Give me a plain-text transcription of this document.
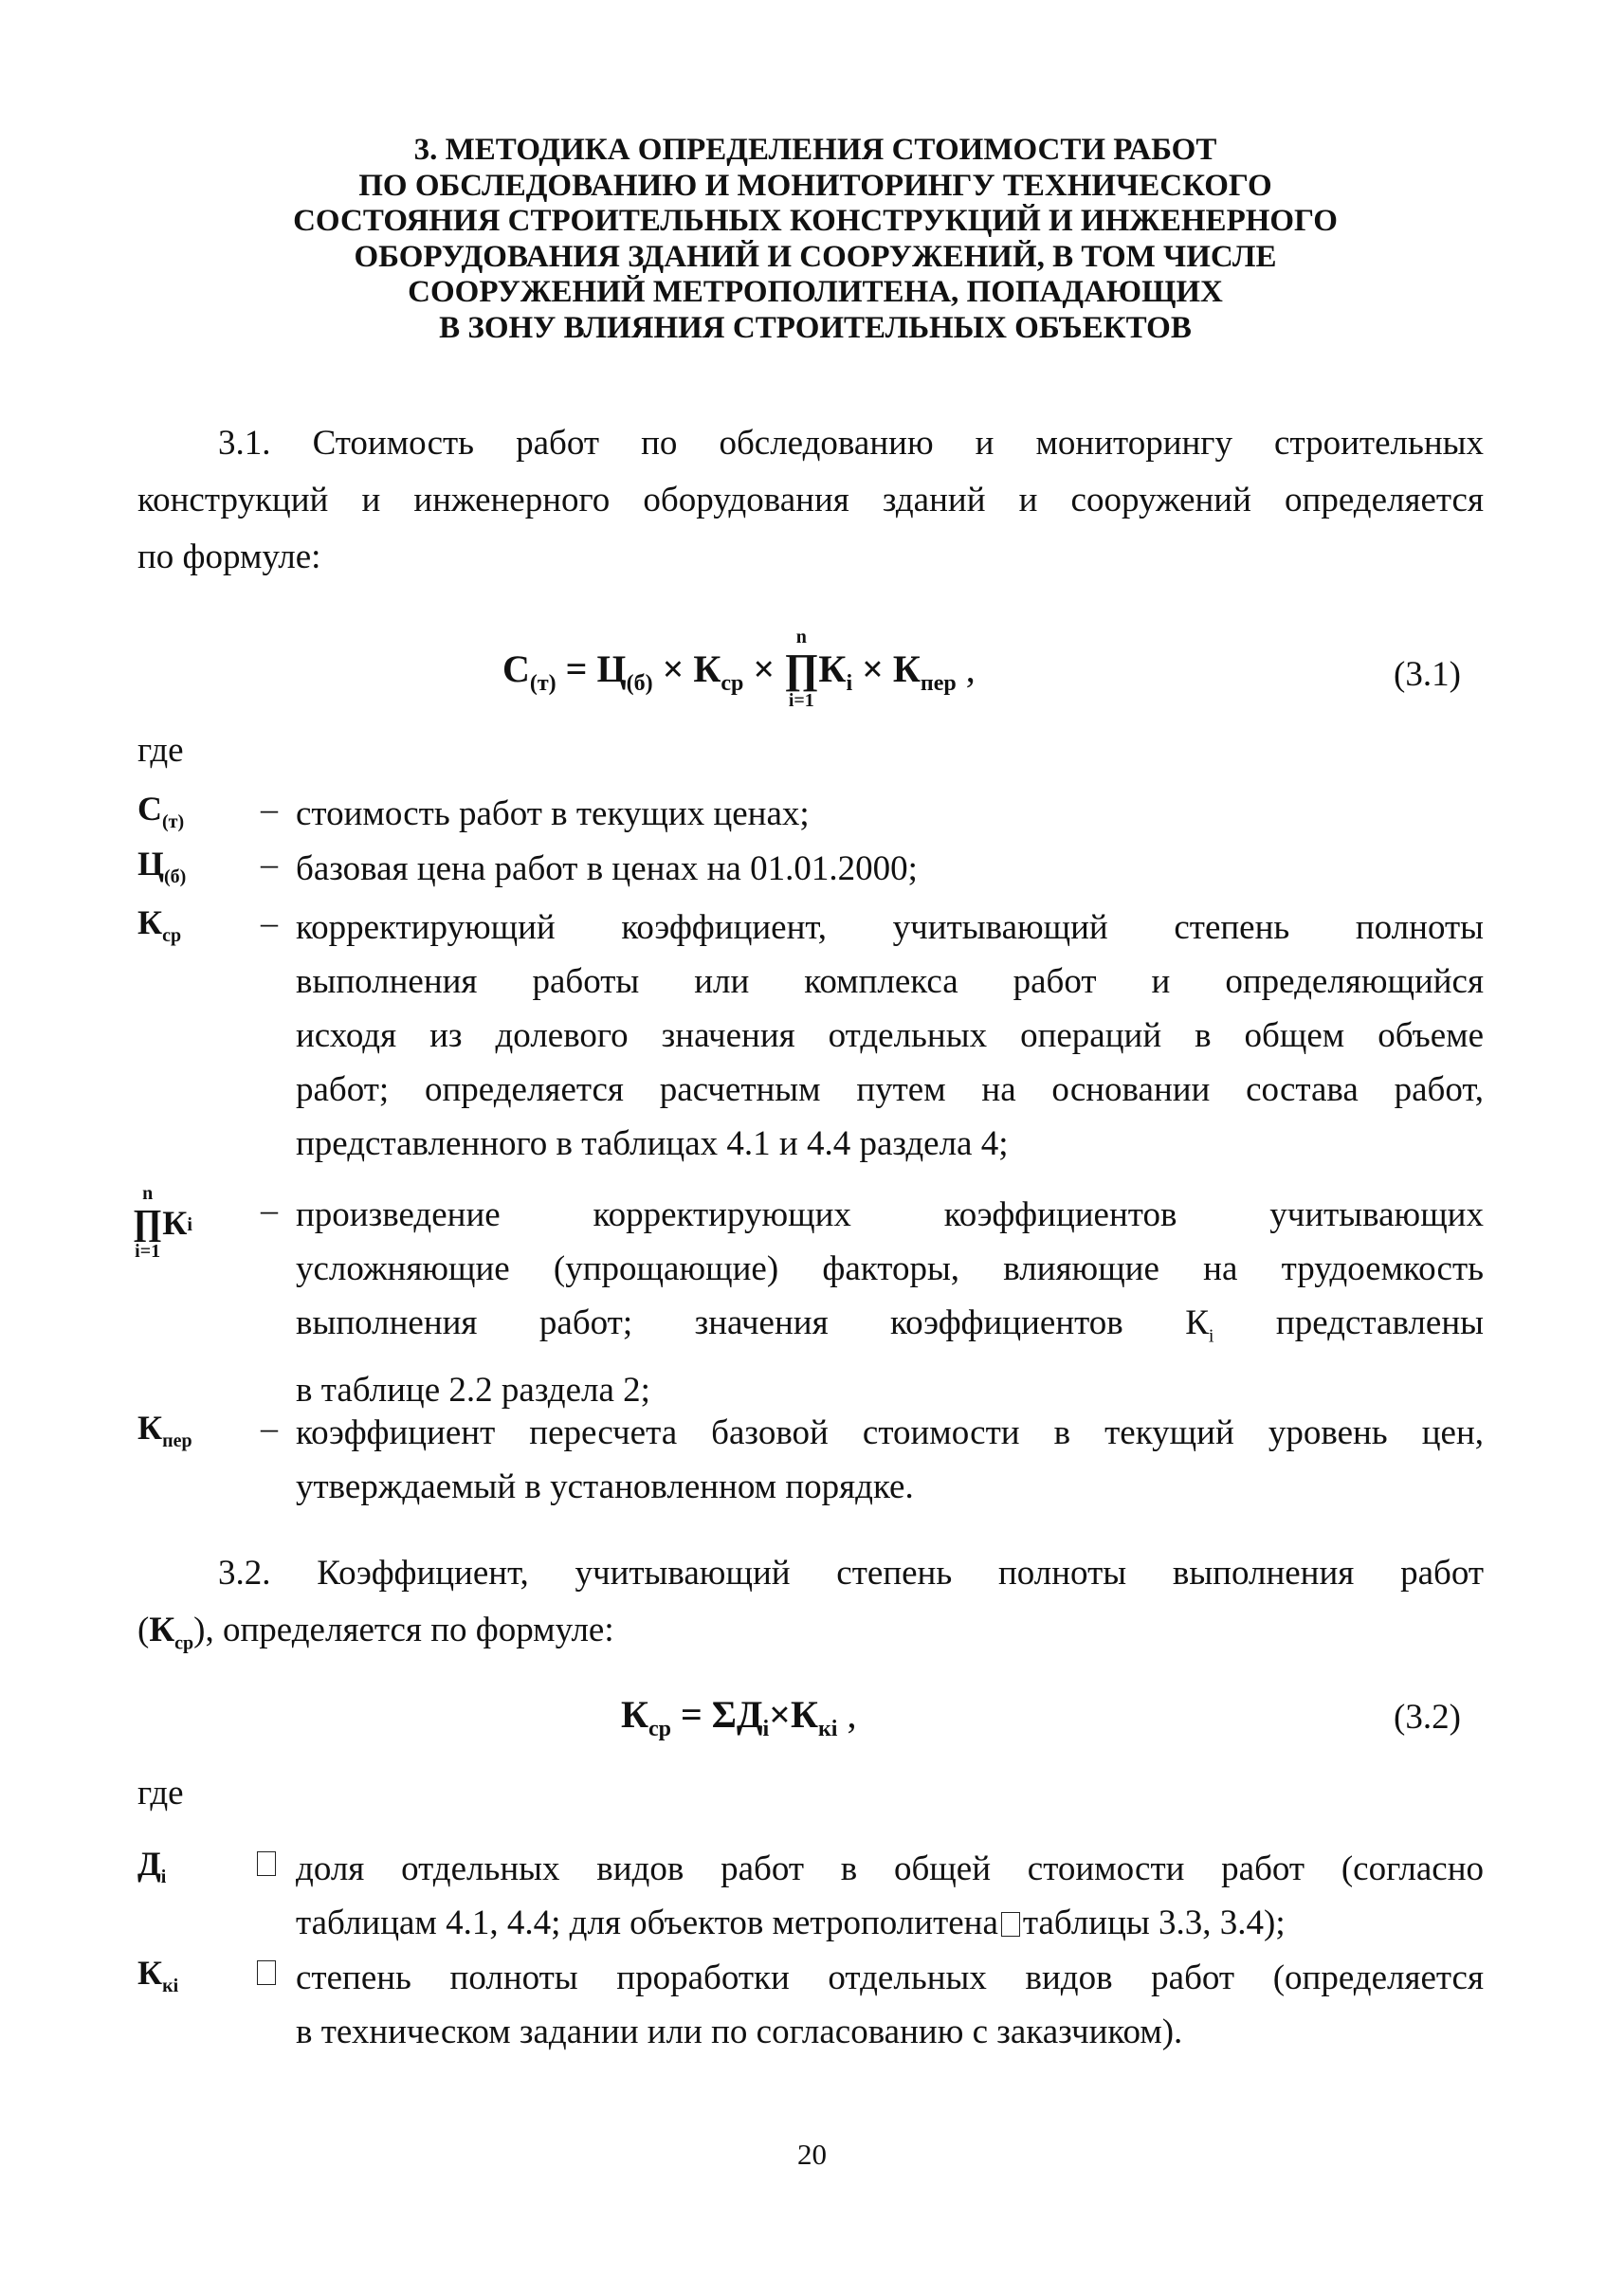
3. МЕТОДИКА ОПРЕДЕЛЕНИЯ СТОИМОСТИ РАБОТ
ПО ОБСЛЕДОВАНИЮ И МОНИТОРИНГУ ТЕХНИЧЕСКОГО
СОСТОЯНИЯ СТРОИТЕЛЬНЫХ КОНСТРУКЦИЙ И ИНЖЕНЕРНОГО
ОБОРУДОВАНИЯ ЗДАНИЙ И СООРУЖЕНИЙ, В ТОМ ЧИСЛЕ
СООРУЖЕНИЙ МЕТРОПОЛИТЕНА, ПОПАДАЮЩИХ
В ЗОНУ ВЛИЯНИЯ СТРОИТЕЛЬНЫХ ОБЪЕКТОВ
3.1. Стоимость работ по обследованию и мониторингу строительных
конструкций и инженерного оборудования зданий и сооружений определяется
по формуле:
$С_{(т)} = Ц_{(б)} \times К_{ср}$ ×
n
∏
i=1
$К_i \times К_{пер}$ ,	(3.1)
где
$С_{(т)}$ – стоимость работ в текущих ценах;
$Ц_{(б)}$ – базовая цена работ в ценах на 01.01.2000;
$К_{ср}$ – корректирующий коэффициент, учитывающий степень полноты
выполнения работы или комплекса работ и определяющийся
исходя из долевого значения отдельных операций в общем объеме
работ; определяется расчетным путем на основании состава работ,
представленного в таблицах 4.1 и 4.4 раздела 4;
n
∏
i=1
$К_i$ – произведение корректирующих коэффициентов учитывающих
усложняющие (упрощающие) факторы, влияющие на трудоемкость
выполнения работ; значения коэффициентов $К_i$ представлены
в таблице 2.2 раздела 2;
$К_{пер}$ – коэффициент пересчета базовой стоимости в текущий уровень цен,
утверждаемый в установленном порядке.
3.2. Коэффициент, учитывающий степень полноты выполнения работ
$(К_{ср})$, определяется по формуле:
$К_{ср} = \Sigma Д_i\times К_{кi}$ ,	(3.2)
где
$Д_i$	доля отдельных видов работ в общей стоимости работ (согласно
таблицам 4.1, 4.4; для объектов метрополитена таблицы 3.3, 3.4);
$К_{кi}$	степень полноты проработки отдельных видов работ (определяется
в техническом задании или по согласованию с заказчиком).
20
